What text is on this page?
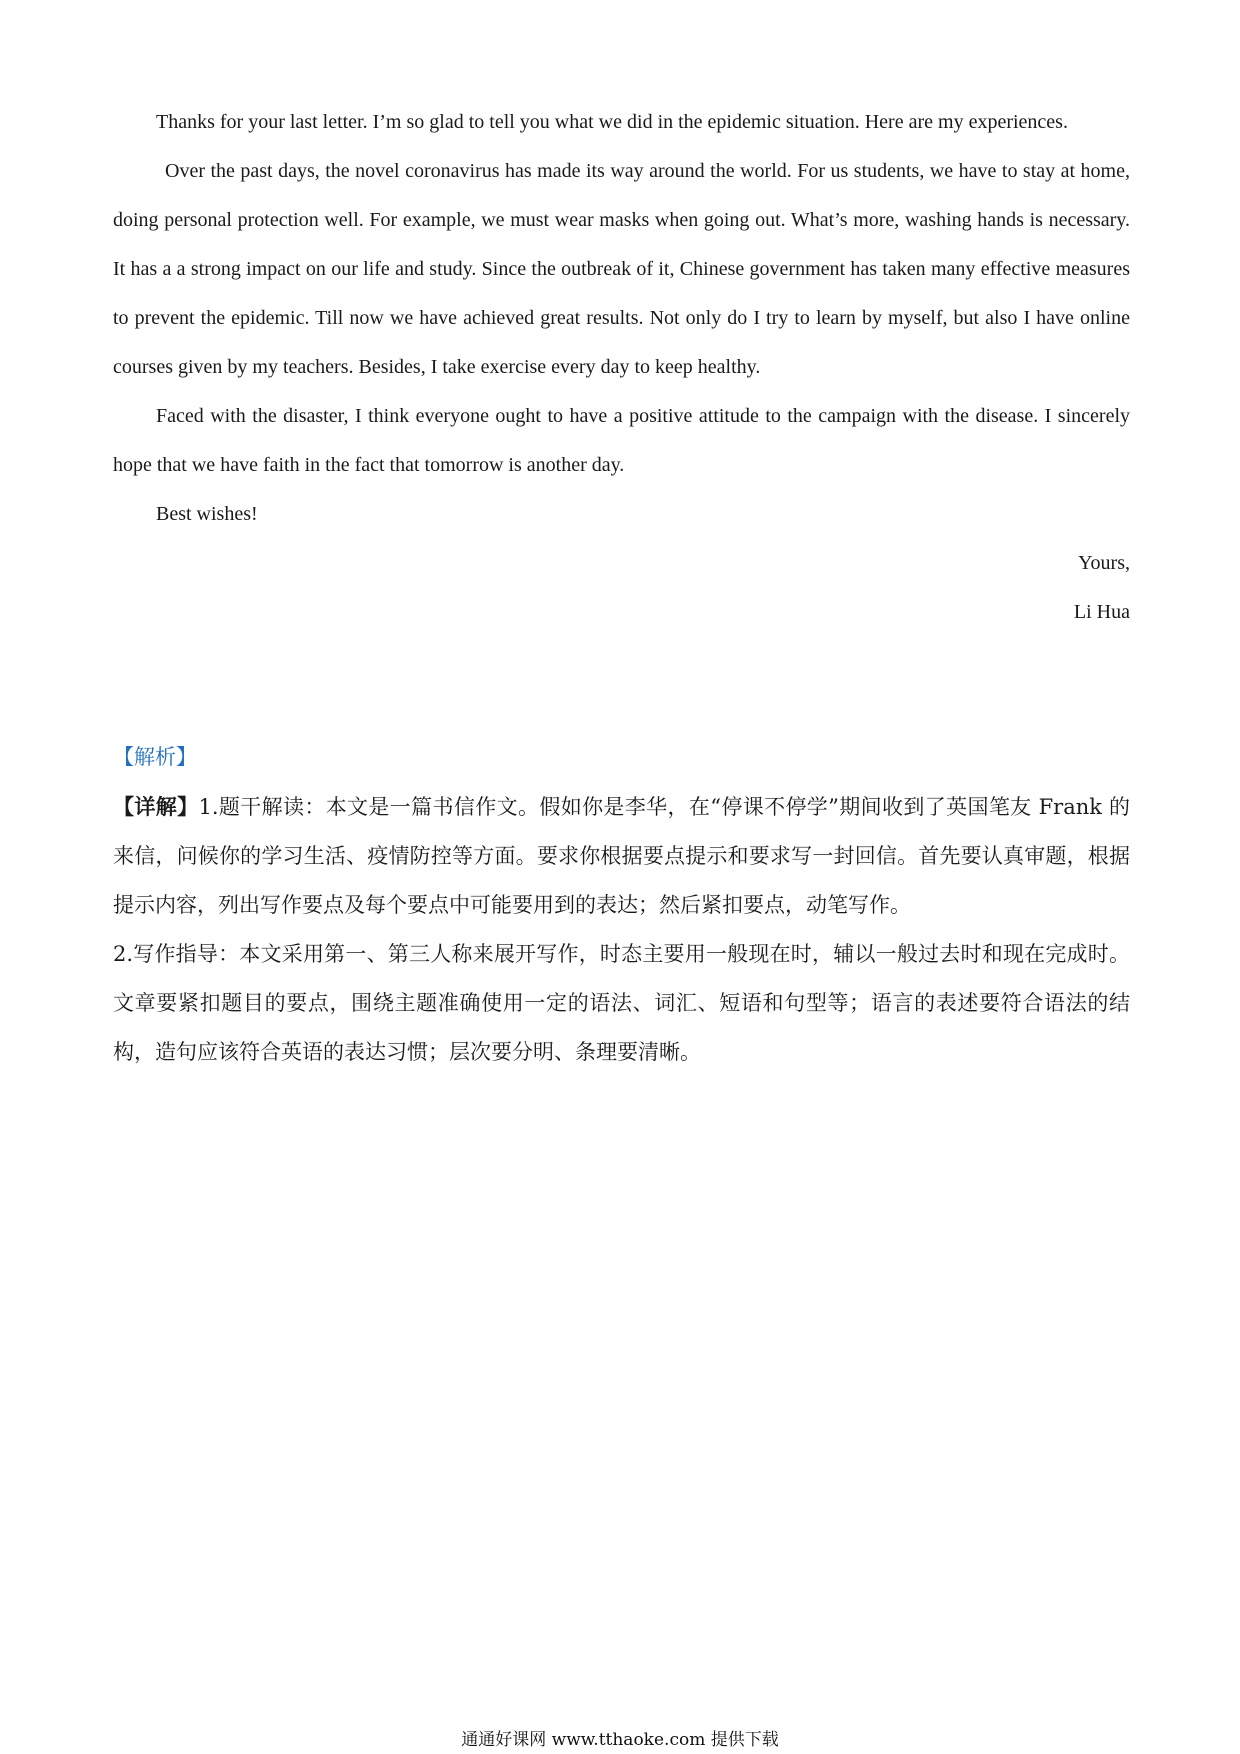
Thanks for your last letter. I’m so glad to tell you what we did in the epidemic situation. Here are my experiences.

Over the past days, the novel coronavirus has made its way around the world. For us students, we have to stay at home, doing personal protection well. For example, we must wear masks when going out. What’s more, washing hands is necessary. It has a a strong impact on our life and study. Since the outbreak of it, Chinese government has taken many effective measures to prevent the epidemic. Till now we have achieved great results. Not only do I try to learn by myself, but also I have online courses given by my teachers. Besides, I take exercise every day to keep healthy.

Faced with the disaster, I think everyone ought to have a positive attitude to the campaign with the disease. I sincerely hope that we have faith in the fact that tomorrow is another day.

Best wishes!

Yours,

Li Hua

【解析】

【详解】1.题干解读：本文是一篇书信作文。假如你是李华，在“停课不停学”期间收到了英国笔友 Frank 的来信，问候你的学习生活、疫情防控等方面。要求你根据要点提示和要求写一封回信。首先要认真审题，根据提示内容，列出写作要点及每个要点中可能要用到的表达；然后紧扣要点，动笔写作。

2.写作指导：本文采用第一、第三人称来展开写作，时态主要用一般现在时，辅以一般过去时和现在完成时。文章要紧扣题目的要点，围绕主题准确使用一定的语法、词汇、短语和句型等；语言的表述要符合语法的结构，造句应该符合英语的表达习惯；层次要分明、条理要清晰。

通通好课网 www.tthaoke.com 提供下载
